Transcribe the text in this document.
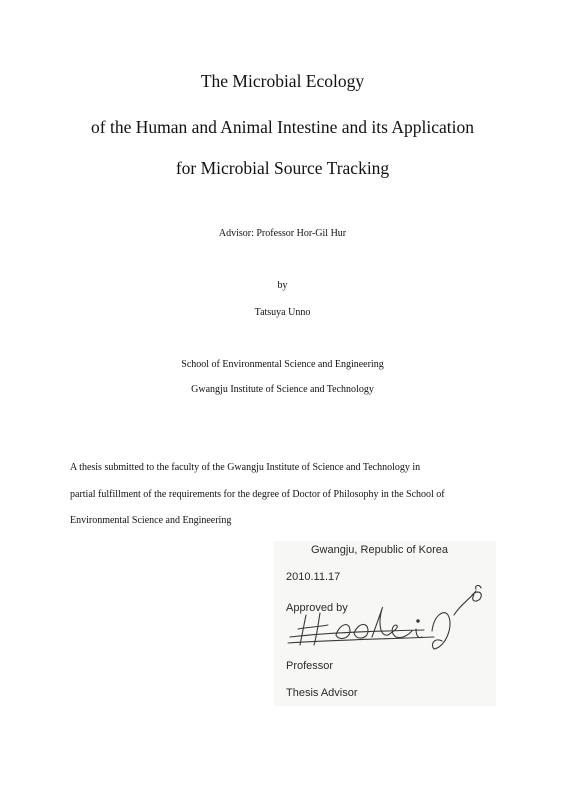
The Microbial Ecology
of the Human and Animal Intestine and its Application
for Microbial Source Tracking
Advisor: Professor Hor-Gil Hur
by
Tatsuya Unno
School of Environmental Science and Engineering
Gwangju Institute of Science and Technology
A thesis submitted to the faculty of the Gwangju Institute of Science and Technology in
partial fulfillment of the requirements for the degree of Doctor of Philosophy in the School of
Environmental Science and Engineering
Gwangju, Republic of Korea
2010.11.17
Approved by
Professor
Thesis Advisor
